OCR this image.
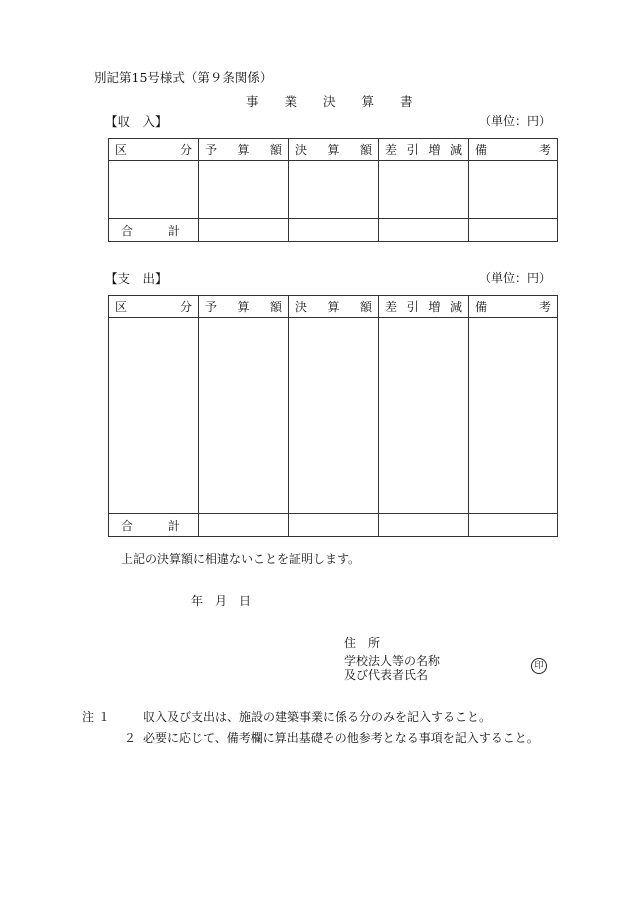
別記第15号様式（第９条関係）
事業決算書
【収　入】	（単位：円）
区 分	予 算 額	決 算 額	差 引 増 減	備 考

合 計				

【支　出】	（単位：円）
区 分	予 算 額	決 算 額	差 引 増 減	備 考

合 計				

上記の決算額に相違ないことを証明します。
年　月　日
住　所
学校法人等の名称
及び代表者氏名
印
注 １	収入及び支出は、施設の建築事業に係る分のみを記入すること。
２ 必要に応じて、備考欄に算出基礎その他参考となる事項を記入すること。
